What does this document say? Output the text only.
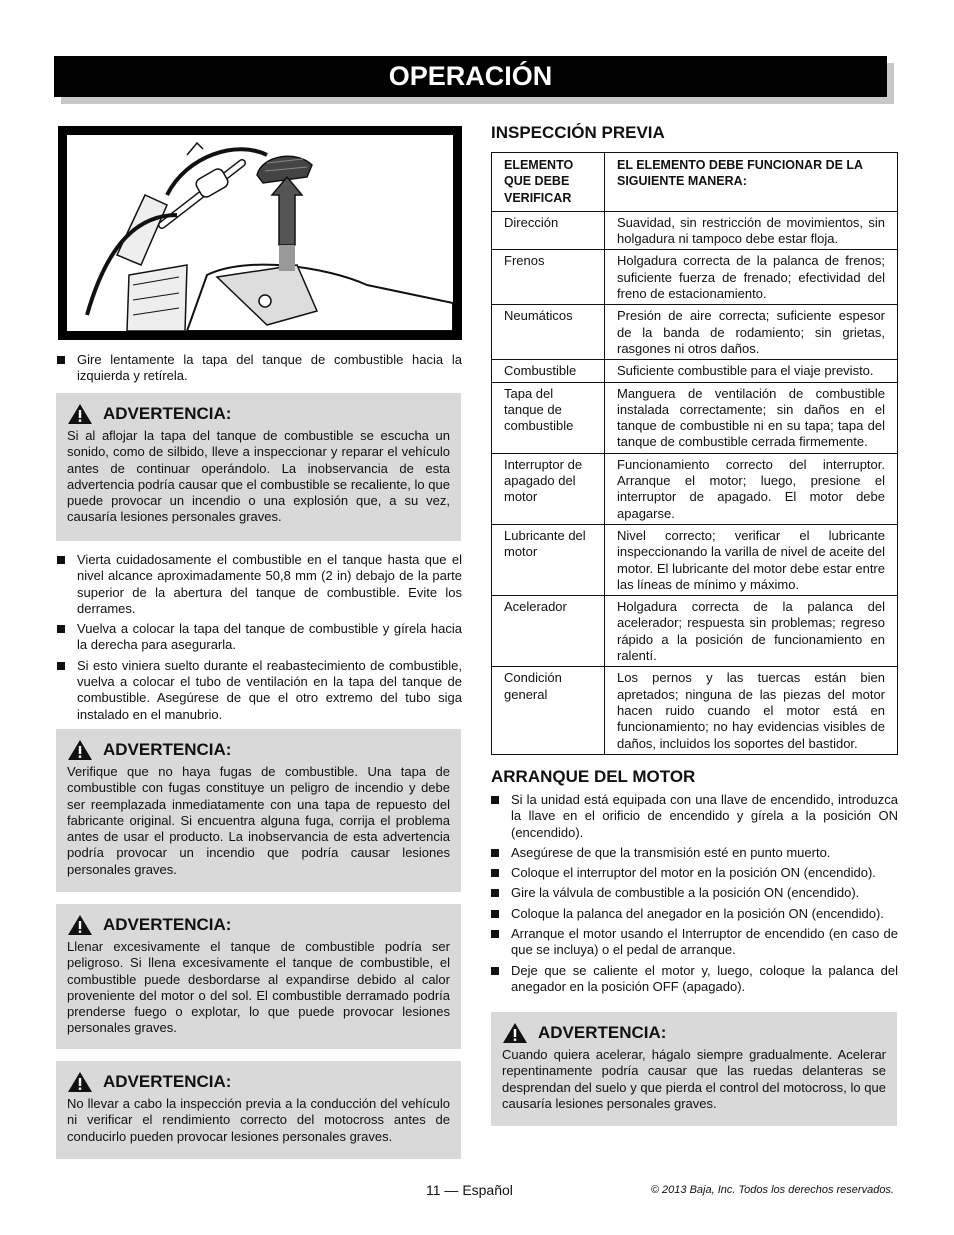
OPERACIÓN
Gire lentamente la tapa del tanque de combustible hacia la izquierda y retírela.
ADVERTENCIA:
Si al aflojar la tapa del tanque de combustible se escucha un sonido, como de silbido, lleve a inspeccionar y reparar el vehículo antes de continuar operándolo. La inobservancia de esta advertencia podría causar que el combustible se recaliente, lo que puede provocar un incendio o una explosión que, a su vez, causaría lesiones personales graves.
Vierta cuidadosamente el combustible en el tanque hasta que el nivel alcance aproximadamente 50,8 mm (2 in) debajo de la parte superior de la abertura del tanque de combustible. Evite los derrames.
Vuelva a colocar la tapa del tanque de combustible y gírela hacia la derecha para asegurarla.
Si esto viniera suelto durante el reabastecimiento de combustible, vuelva a colocar el tubo de ventilación en la tapa del tanque de combustible. Asegúrese de que el otro extremo del tubo siga instalado en el manubrio.
ADVERTENCIA:
Verifique que no haya fugas de combustible. Una tapa de combustible con fugas constituye un peligro de incendio y debe ser reemplazada inmediatamente con una tapa de repuesto del fabricante original. Si encuentra alguna fuga, corrija el problema antes de usar el producto. La inobservancia de esta advertencia podría provocar un incendio que podría causar lesiones personales graves.
ADVERTENCIA:
Llenar excesivamente el tanque de combustible podría ser peligroso. Si llena excesivamente el tanque de combustible, el combustible puede desbordarse al expandirse debido al calor proveniente del motor o del sol. El combustible derramado podría prenderse fuego o explotar, lo que puede provocar lesiones personales graves.
ADVERTENCIA:
No llevar a cabo la inspección previa a la conducción del vehículo ni verificar el rendimiento correcto del motocross antes de conducirlo pueden provocar lesiones personales graves.
INSPECCIÓN PREVIA
ELEMENTO QUE DEBE VERIFICAR	EL ELEMENTO DEBE FUNCIONAR DE LA SIGUIENTE MANERA:
Dirección	Suavidad, sin restricción de movimientos, sin holgadura ni tampoco debe estar floja.
Frenos	Holgadura correcta de la palanca de frenos; suficiente fuerza de frenado; efectividad del freno de estacionamiento.
Neumáticos	Presión de aire correcta; suficiente espesor de la banda de rodamiento; sin grietas, rasgones ni otros daños.
Combustible	Suficiente combustible para el viaje previsto.
Tapa del tanque de combustible	Manguera de ventilación de combustible instalada correctamente; sin daños en el tanque de combustible ni en su tapa; tapa del tanque de combustible cerrada firmemente.
Interruptor de apagado del motor	Funcionamiento correcto del interruptor. Arranque el motor; luego, presione el interruptor de apagado. El motor debe apagarse.
Lubricante del motor	Nivel correcto; verificar el lubricante inspeccionando la varilla de nivel de aceite del motor. El lubricante del motor debe estar entre las líneas de mínimo y máximo.
Acelerador	Holgadura correcta de la palanca del acelerador; respuesta sin problemas; regreso rápido a la posición de funcionamiento en ralentí.
Condición general	Los pernos y las tuercas están bien apretados; ninguna de las piezas del motor hacen ruido cuando el motor está en funcionamiento; no hay evidencias visibles de daños, incluidos los soportes del bastidor.
ARRANQUE DEL MOTOR
Si la unidad está equipada con una llave de encendido, introduzca la llave en el orificio de encendido y gírela a la posición ON (encendido).
Asegúrese de que la transmisión esté en punto muerto.
Coloque el interruptor del motor en la posición ON (encendido).
Gire la válvula de combustible a la posición ON (encendido).
Coloque la palanca del anegador en la posición ON (encendido).
Arranque el motor usando el Interruptor de encendido (en caso de que se incluya) o el pedal de arranque.
Deje que se caliente el motor y, luego, coloque la palanca del anegador en la posición OFF (apagado).
ADVERTENCIA:
Cuando quiera acelerar, hágalo siempre gradualmente. Acelerar repentinamente podría causar que las ruedas delanteras se desprendan del suelo y que pierda el control del motocross, lo que causaría lesiones personales graves.
11 — Español	© 2013 Baja, Inc. Todos los derechos reservados.
